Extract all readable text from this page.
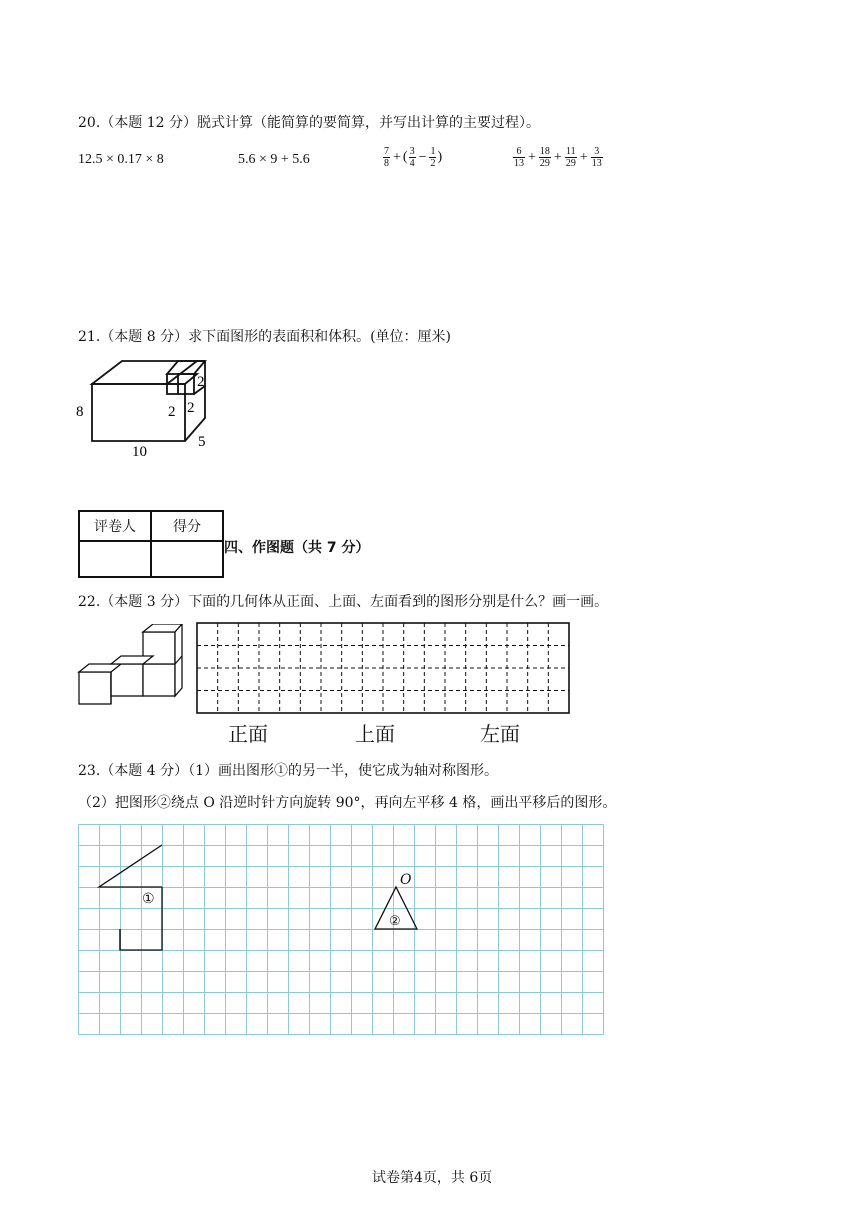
20.（本题 12 分）脱式计算（能简算的要简算，并写出计算的主要过程）。
12.5 × 0.17 × 8	5.6 × 9 + 5.6	$\frac{7}{8}$ + ( $\frac{3}{4} - \frac{1}{2}$ )	$\frac{6}{13} + \frac{18}{29} + \frac{11}{29} + \frac{3}{13}$
21.（本题 8 分）求下面图形的表面积和体积。(单位：厘米)
8
10
5
2
2 2
评卷人	得分

四、作图题（共 7 分）
22.（本题 3 分）下面的几何体从正面、上面、左面看到的图形分别是什么？画一画。
正面	上面	左面
23.（本题 4 分）（1）画出图形①的另一半，使它成为轴对称图形。
（2）把图形②绕点 O 沿逆时针方向旋转 90°，再向左平移 4 格，画出平移后的图形。
①
②
O
试卷第4页，共 6页
